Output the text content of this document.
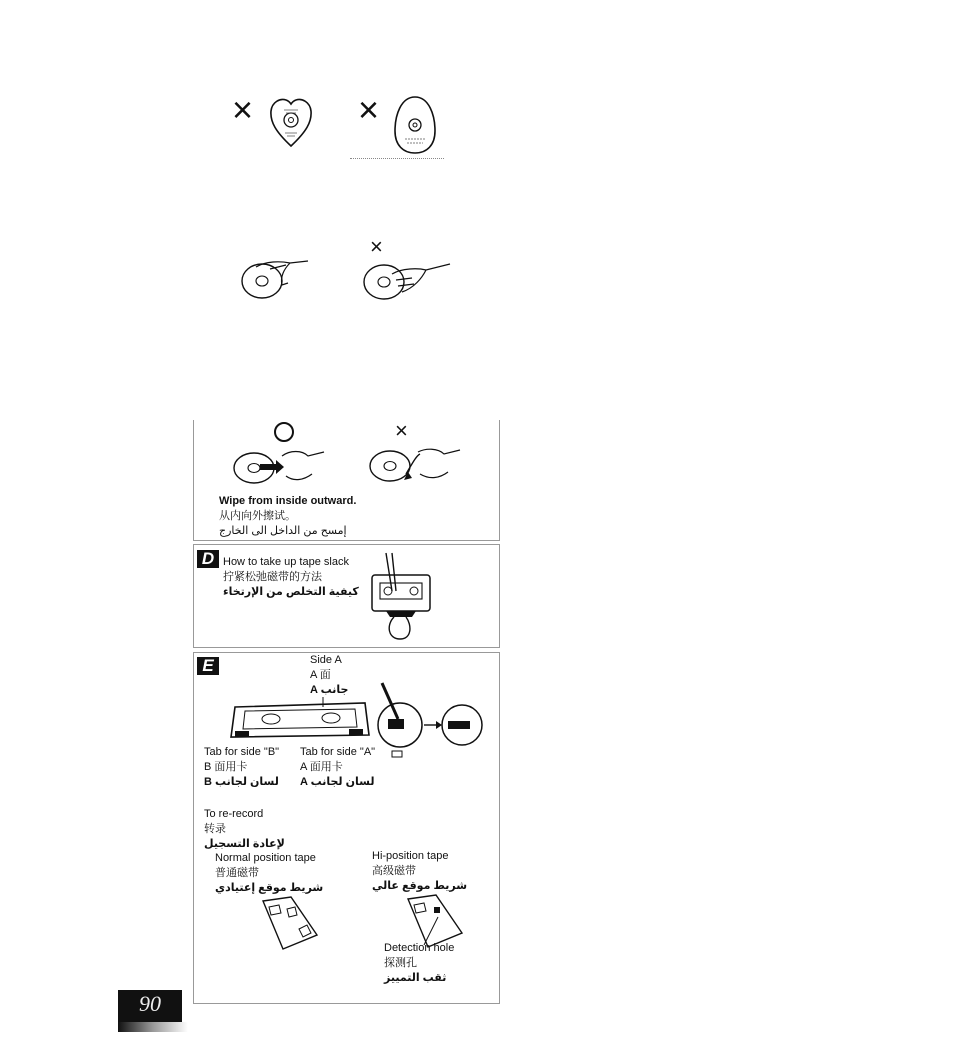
×	×
×
×
Wipe from inside outward.
从内向外擦试。
إمسح من الداخل الى الخارج
D How to take up tape slack
拧紧松弛磁带的方法
كيفية التخلص من الإرتخاء
E	Side A
A 面
A جانب
Tab for side "B"
B 面用卡
B لسان لجانب
Tab for side "A"
A 面用卡
A لسان لجانب
To re-record
转录
لإعادة التسجيل
Normal position tape
普通磁带
شريط موقع إعتيادي
Hi-position tape
高级磁带
شريط موقع عالي
Detection hole
探测孔
ثقب التمييز
90
